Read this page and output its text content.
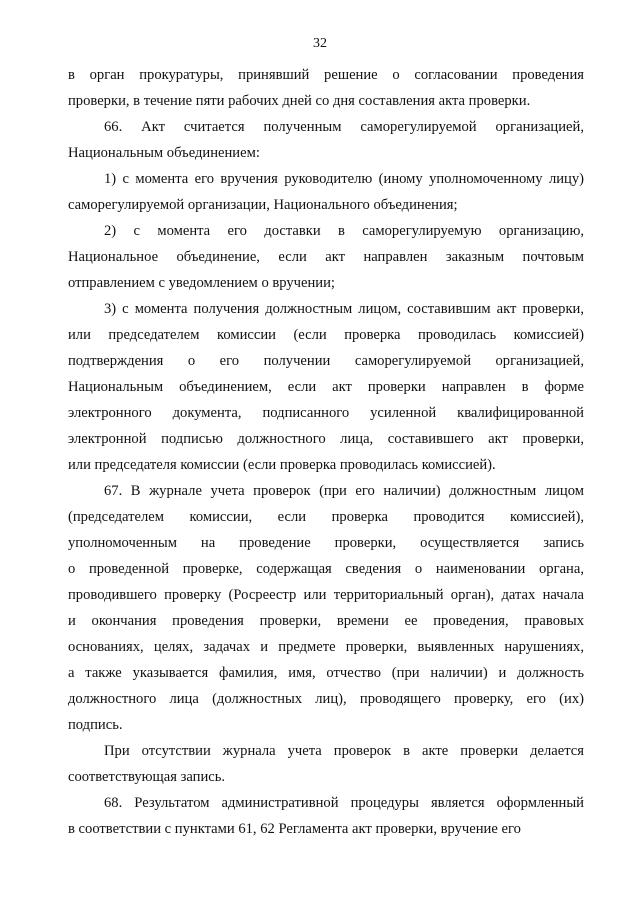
32
в орган прокуратуры, принявший решение о согласовании проведения
проверки, в течение пяти рабочих дней со дня составления акта проверки.
66. Акт считается полученным саморегулируемой организацией,
Национальным объединением:
1) с момента его вручения руководителю (иному уполномоченному лицу)
саморегулируемой организации, Национального объединения;
2) с момента его доставки в саморегулируемую организацию,
Национальное объединение, если акт направлен заказным почтовым
отправлением с уведомлением о вручении;
3) с момента получения должностным лицом, составившим акт проверки,
или председателем комиссии (если проверка проводилась комиссией)
подтверждения о его получении саморегулируемой организацией,
Национальным объединением, если акт проверки направлен в форме
электронного документа, подписанного усиленной квалифицированной
электронной подписью должностного лица, составившего акт проверки,
или председателя комиссии (если проверка проводилась комиссией).
67. В журнале учета проверок (при его наличии) должностным лицом
(председателем комиссии, если проверка проводится комиссией),
уполномоченным на проведение проверки, осуществляется запись
о проведенной проверке, содержащая сведения о наименовании органа,
проводившего проверку (Росреестр или территориальный орган), датах начала
и окончания проведения проверки, времени ее проведения, правовых
основаниях, целях, задачах и предмете проверки, выявленных нарушениях,
а также указывается фамилия, имя, отчество (при наличии) и должность
должностного лица (должностных лиц), проводящего проверку, его (их)
подпись.
При отсутствии журнала учета проверок в акте проверки делается
соответствующая запись.
68. Результатом административной процедуры является оформленный
в соответствии с пунктами 61, 62 Регламента акт проверки, вручение его
